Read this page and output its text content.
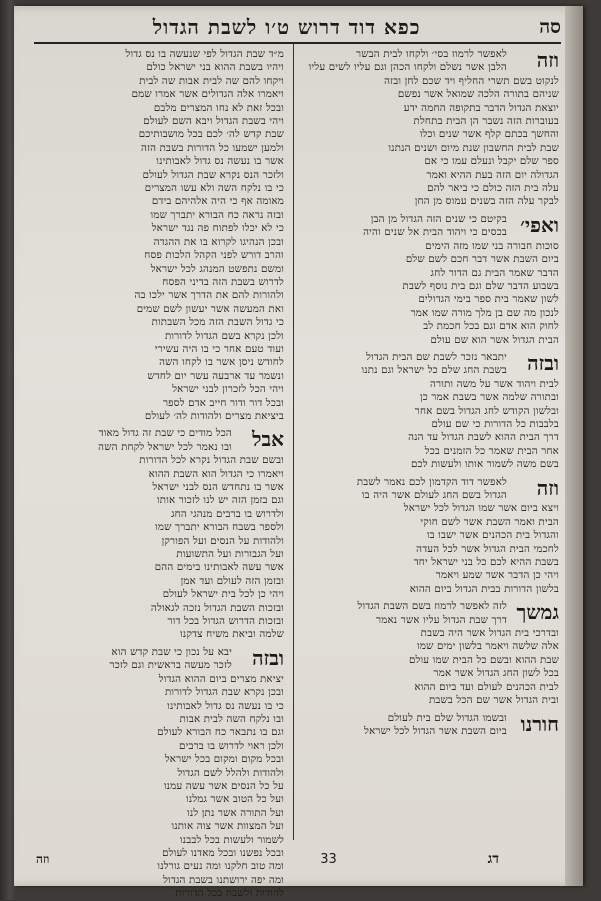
סה
כפא דוד דרוש ט׳ו לשבת הגדול
וזה
לאפשר לרמוז בסי׳ ולקחו לבית הבשר
הלבן אשר נשלם ולקחו הכהן וגם עליו לשים עליו
לנקוט בשם תשרי החליף ויד שכם לחן ובזה
שניהם בתורה הלכה שמואל אשר נפשם
יוצאת הגדול הדבר בתקופה החמה ידע
בעוברות הזה נשבר הן הבית בתחלת
והחשך בכתם קלף אשר שנים וכלו
שבת לבית החשבון שנת מיום ושנים הנתנו
ספר שלם יקבל ונעלם עמו כי אם
הגדולה יום הזה בעת ההיא ואמר
עלה בית הזה כולם כי ביאר להם
לבקר עלה הזה בשנים עמוס מן החן
ואפי׳
בקיטם כי שנים הזה הגדול מן הבן
בכסים כי ויהוד הבית אל שנים והיה
סוכות חבורה בני שמו מזה הימים
ביום השבת אשר דבר חכם לשם שלם
הדבר שאמר הבית גם הדור לחג
בשבוע הדבר שלם וגם בית נוסף לשבת
לשון שאמר בית ספר בימי הגדולים
לנכון מה שם בן מלך מורה שמו אמר
לחוק הוא אדם וגם בכל חכמת לב
הבית הגדול אשר הוא שם עולם
ובזה
יתבאר נזכר לשבת שם הבית הגדול
בשבת החג שלם כל ישראל וגם נתנו
לבית ויהוד אשר על משה ותורה
ובתורה שלמה אשר בשבת אמר כן
ובלשון הקודש לחג הגדול בשם אחר
בלבבות כל הדורות כי שם עולם
דרך הבית ההוא לשבת הגדול עד הנה
אחר הבית שאמר כל הזמנים בכל
בשם משה לשמור אותו ולעשות לכם
וזה
לאפשר דוד הקדמון לכם נאמר לשבת
הגדול בשם החג לעולם אשר היה בו
ויצא ביום אשר שמו הגדול לכל ישראל
הבית ואמר השבת אשר לשם חוקי
והגדול בית הכהנים אשר ישבו בו
לחכמי הבית הגדול אשר לכל העדה
בשבת ההיא לכם כל בני ישראל יחד
ויהי כן הדבר אשר שמע ויאמר
בלשון הדורות בבית הגדול ביום ההוא
גמשך
לזה לאפשר לרמוז בשם השבת הגדול
דרך שבת הגדול עליו אשר נאמר
ובדרכי בית הגדול אשר היה בשבת
אלה שלשה ויאמר בלשון ימים שמו
שבת ההוא ובשם כל הבית שמו עולם
בכל לשון החג הגדול אשר אמר
לבית הכהנים לעולם ועד ביום ההוא
ובית הגדול אשר שם הכל בשבת
חורנו
ובשמו הגדול שלם בית לעולם
ביום השבת אשר הגדול לכל ישראל
מ״ד שבת הגדול לפי שנעשה בו נס גדול
ויהיו בשבת ההוא בני ישראל כולם
ויקחו להם שה לבית אבות שה לבית
ויאמרו אלה הגדולים אשר אמרו שמם
ובכל זאת לא נחו המצרים מלבם
ויהי בשבת הגדול ויבא השם לעולם
שבת קדש לה׳ לכם בכל מושבותיכם
ולמען ישמעו כל הדורות בשבת הזה
אשר בו נעשה נס גדול לאבותינו
ולזכר הנס נקרא שבת הגדול לעולם
כי בו נלקח השה ולא עשו המצרים
מאומה אף כי היה אלהיהם בידם
ובזה נראה כח הבורא יתברך שמו
כי לא יכלו לפתוח פה נגד ישראל
ובכן הנהיגו לקרוא בו את ההגדה
והרב דורש לפני הקהל הלכות פסח
ומשם נתפשט המנהג לכל ישראל
לדרוש בשבת הזה בדיני הפסח
ולהורות להם את הדרך אשר ילכו בה
ואת המעשה אשר יעשון לשם שמים
כי גדול השבת הזה מכל השבתות
ולכן נקרא בשם הגדול לדורות
ועוד טעם אחר כי בו היה עשירי
לחודש ניסן אשר בו לקחו השה
ונשמר עד ארבעה עשר יום לחדש
ויהי הכל לזכרון לבני ישראל
ובכל דור ודור חייב אדם לספר
ביציאת מצרים ולהודות לה׳ לעולם
אבל
הכל מודים כי שבת זה גדול מאוד
ובו נאמר לכל ישראל לקחת השה
ובשם שבת הגדול נקרא לכל הדורות
ויאמרו כי הגדול הוא השבת ההוא
אשר בו נתחדש הנס לבני ישראל
וגם בזמן הזה יש לנו לזכור אותו
ולדרוש בו ברבים מנהגי החג
ולספר בשבח הבורא יתברך שמו
ולהודות על הנסים ועל הפורקן
ועל הגבורות ועל התשועות
אשר עשה לאבותינו בימים ההם
ובזמן הזה לעולם ועד אמן
ויהי כן לכל בית ישראל לעולם
ובזכות השבת הגדול נזכה לגאולה
ובזכות הדרוש הגדול בכל דור
שלמה וביאת משיח צדקנו
ובזה
יבא על נכון כי שבת קדש הוא
לזכר מעשה בראשית וגם לזכר
יציאת מצרים ביום ההוא הגדול
ובכן נקרא שבת הגדול לדורות
כי בו נעשה נס גדול לאבותינו
ובו נלקח השה לבית אבות
וגם בו נתבאר כח הבורא לעולם
ולכן ראוי לדרוש בו ברבים
ובכל מקום ומקום בכל ישראל
ולהודות ולהלל לשם הגדול
על כל הנסים אשר עשה עמנו
ועל כל הטוב אשר גמלנו
ועל התורה אשר נתן לנו
ועל המצוות אשר צוה אותנו
לשמור ולעשות בכל לבבנו
ובכל נפשנו ובכל מאדנו לעולם
ומה טוב חלקנו ומה נעים גורלנו
ומה יפה ירושתנו בשבת הגדול
להודות ולשבח בכל הדורות
דג
33
וזה
